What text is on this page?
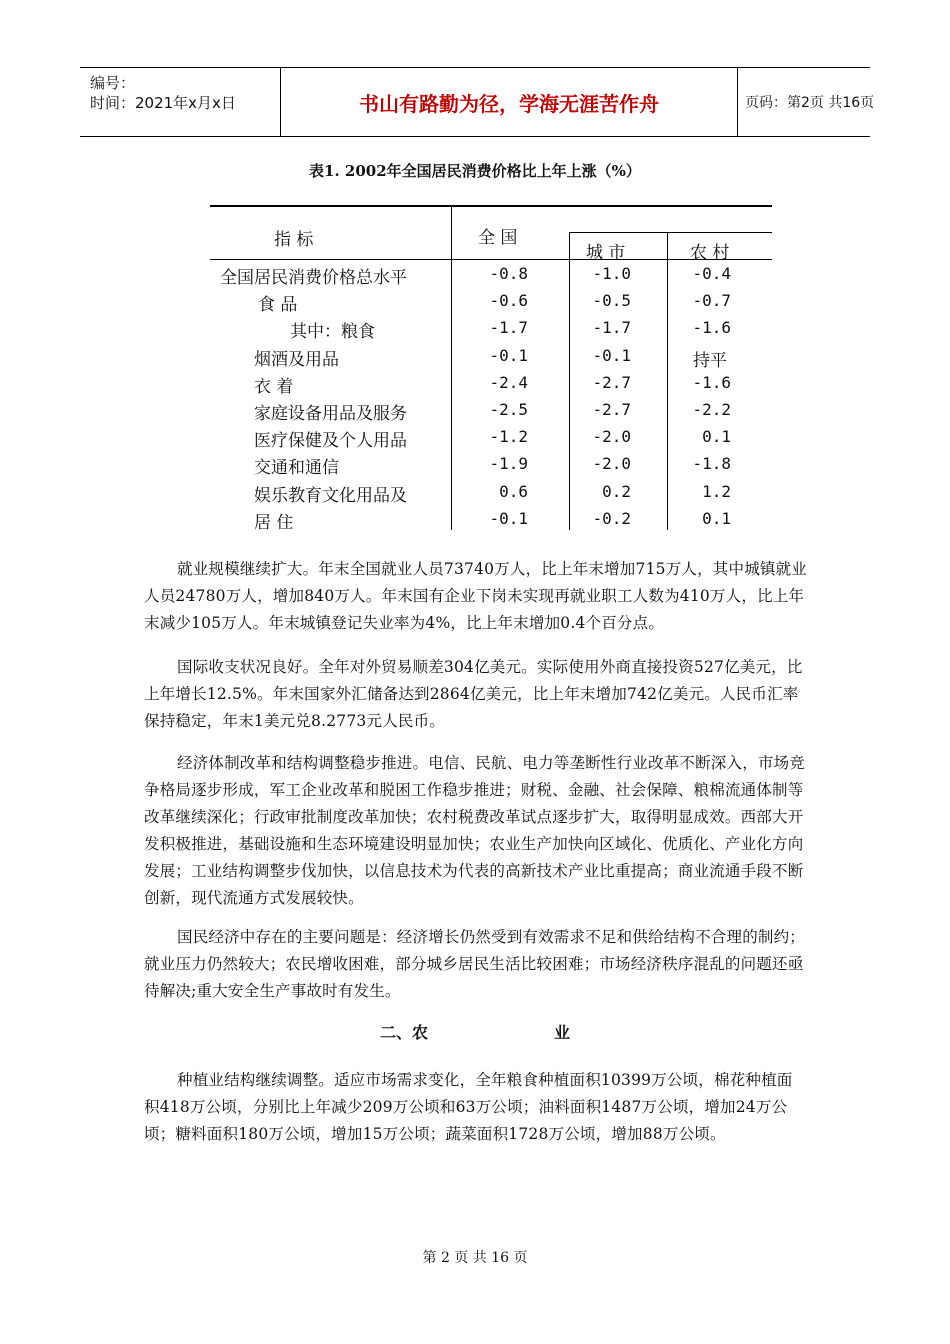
编号：
时间：2021年x月x日	书山有路勤为径，学海无涯苦作舟	页码：第2页 共16页
表1. 2002年全国居民消费价格比上年上涨（%）
指 标	全 国
城 市	农 村
全国居民消费价格总水平	-0.8	-1.0	-0.4
食 品	-0.6	-0.5	-0.7
其中：粮食	-1.7	-1.7	-1.6
烟酒及用品	-0.1	-0.1	持平
衣 着	-2.4	-2.7	-1.6
家庭设备用品及服务	-2.5	-2.7	-2.2
医疗保健及个人用品	-1.2	-2.0	0.1
交通和通信	-1.9	-2.0	-1.8
娱乐教育文化用品及	0.6	0.2	1.2
居 住	-0.1	-0.2	0.1

就业规模继续扩大。年末全国就业人员73740万人，比上年末增加715万人，其中城镇就业人员24780万人，增加840万人。年末国有企业下岗未实现再就业职工人数为410万人，比上年末减少105万人。年末城镇登记失业率为4%，比上年末增加0.4个百分点。

国际收支状况良好。全年对外贸易顺差304亿美元。实际使用外商直接投资527亿美元，比上年增长12.5%。年末国家外汇储备达到2864亿美元，比上年末增加742亿美元。人民币汇率保持稳定，年末1美元兑8.2773元人民币。

经济体制改革和结构调整稳步推进。电信、民航、电力等垄断性行业改革不断深入，市场竞争格局逐步形成，军工企业改革和脱困工作稳步推进；财税、金融、社会保障、粮棉流通体制等改革继续深化；行政审批制度改革加快；农村税费改革试点逐步扩大，取得明显成效。西部大开发积极推进，基础设施和生态环境建设明显加快；农业生产加快向区域化、优质化、产业化方向发展；工业结构调整步伐加快，以信息技术为代表的高新技术产业比重提高；商业流通手段不断创新，现代流通方式发展较快。

国民经济中存在的主要问题是：经济增长仍然受到有效需求不足和供给结构不合理的制约；就业压力仍然较大；农民增收困难，部分城乡居民生活比较困难；市场经济秩序混乱的问题还亟待解决;重大安全生产事故时有发生。

二、农	业

种植业结构继续调整。适应市场需求变化，全年粮食种植面积10399万公顷，棉花种植面积418万公顷，分别比上年减少209万公顷和63万公顷；油料面积1487万公顷，增加24万公顷；糖料面积180万公顷，增加15万公顷；蔬菜面积1728万公顷，增加88万公顷。

第 2 页 共 16 页
